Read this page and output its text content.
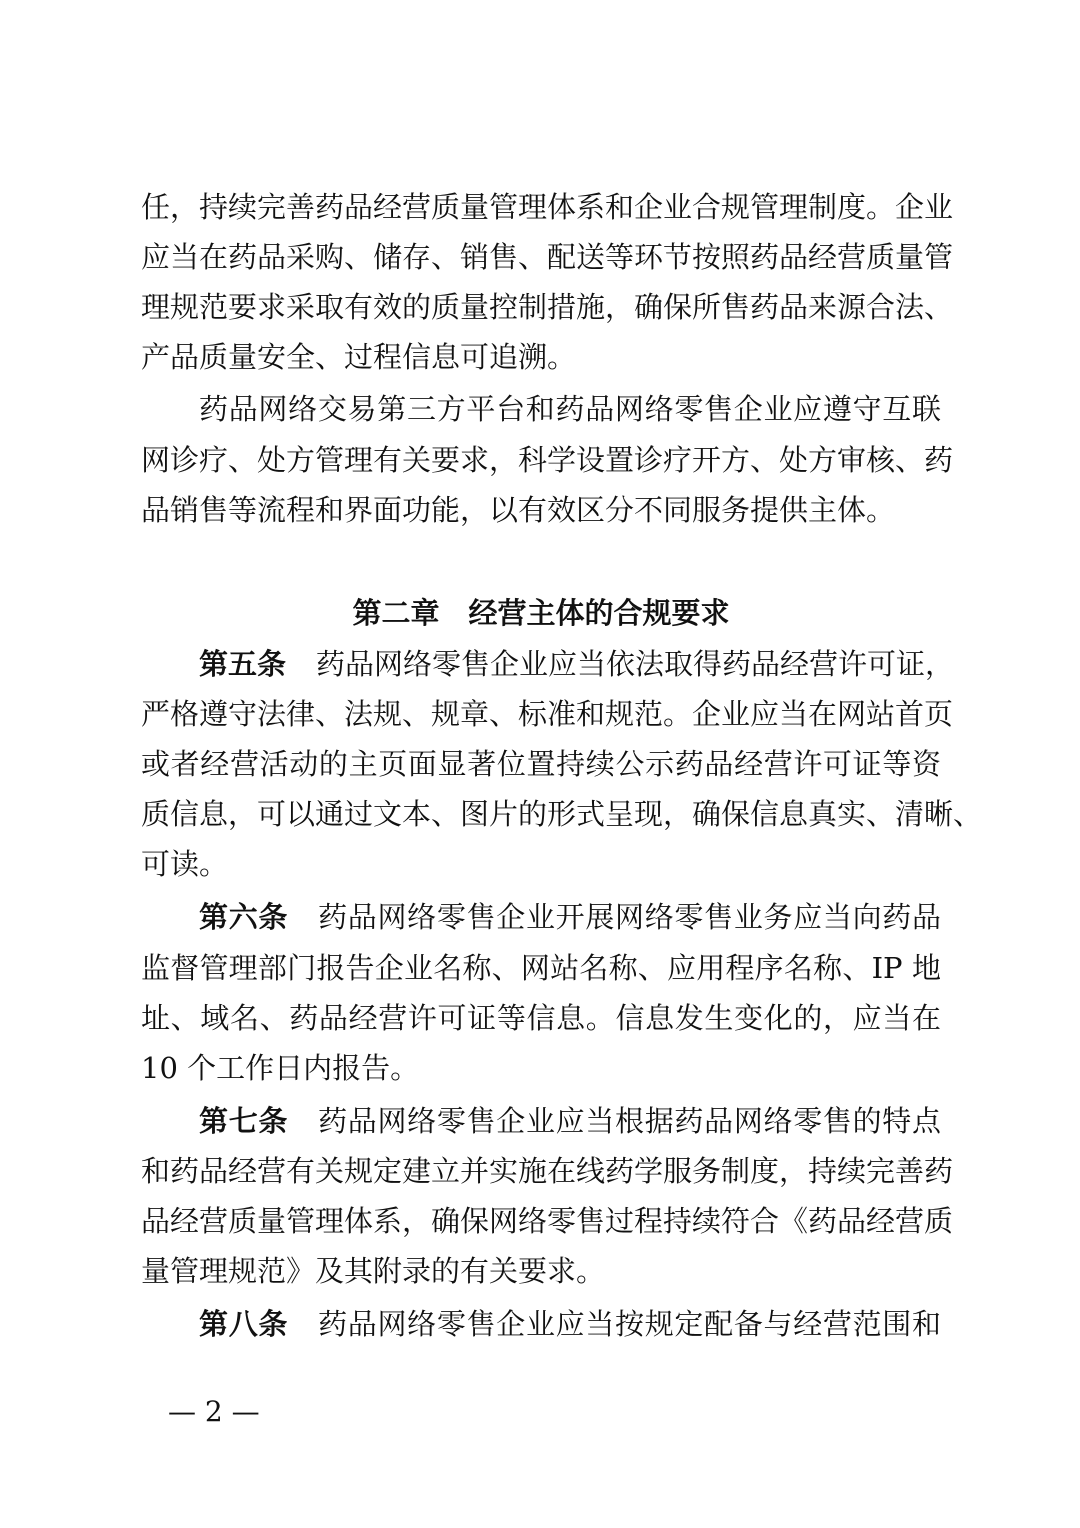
任，持续完善药品经营质量管理体系和企业合规管理制度。企业
应当在药品采购、储存、销售、配送等环节按照药品经营质量管
理规范要求采取有效的质量控制措施，确保所售药品来源合法、
产品质量安全、过程信息可追溯。
药品网络交易第三方平台和药品网络零售企业应遵守互联
网诊疗、处方管理有关要求，科学设置诊疗开方、处方审核、药
品销售等流程和界面功能，以有效区分不同服务提供主体。
第五条 药品网络零售企业应当依法取得药品经营许可证，
严格遵守法律、法规、规章、标准和规范。企业应当在网站首页
或者经营活动的主页面显著位置持续公示药品经营许可证等资
质信息，可以通过文本、图片的形式呈现，确保信息真实、清晰、
可读。
第六条 药品网络零售企业开展网络零售业务应当向药品
监督管理部门报告企业名称、网站名称、应用程序名称、IP 地
址、域名、药品经营许可证等信息。信息发生变化的，应当在
10 个工作日内报告。
第七条 药品网络零售企业应当根据药品网络零售的特点
和药品经营有关规定建立并实施在线药学服务制度，持续完善药
品经营质量管理体系，确保网络零售过程持续符合《药品经营质
量管理规范》及其附录的有关要求。
第八条 药品网络零售企业应当按规定配备与经营范围和
第二章　经营主体的合规要求
— 2 —
